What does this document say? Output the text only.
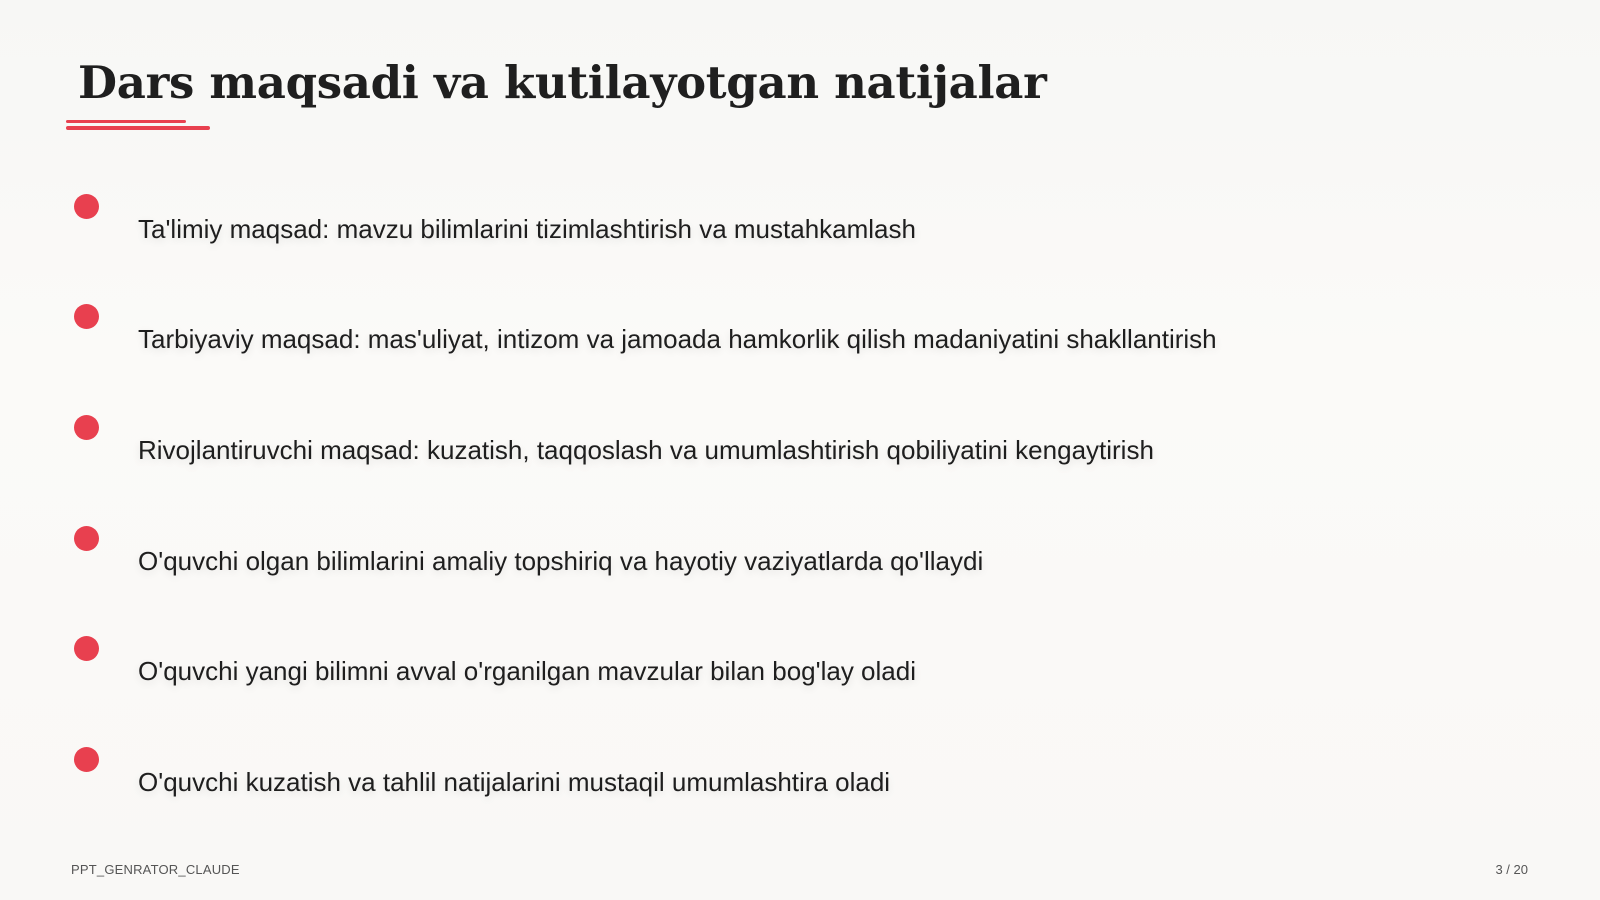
Dars maqsadi va kutilayotgan natijalar
Ta'limiy maqsad: mavzu bilimlarini tizimlashtirish va mustahkamlash
Tarbiyaviy maqsad: mas'uliyat, intizom va jamoada hamkorlik qilish madaniyatini shakllantirish
Rivojlantiruvchi maqsad: kuzatish, taqqoslash va umumlashtirish qobiliyatini kengaytirish
O'quvchi olgan bilimlarini amaliy topshiriq va hayotiy vaziyatlarda qo'llaydi
O'quvchi yangi bilimni avval o'rganilgan mavzular bilan bog'lay oladi
O'quvchi kuzatish va tahlil natijalarini mustaqil umumlashtira oladi
PPT_GENRATOR_CLAUDE	3 / 20
